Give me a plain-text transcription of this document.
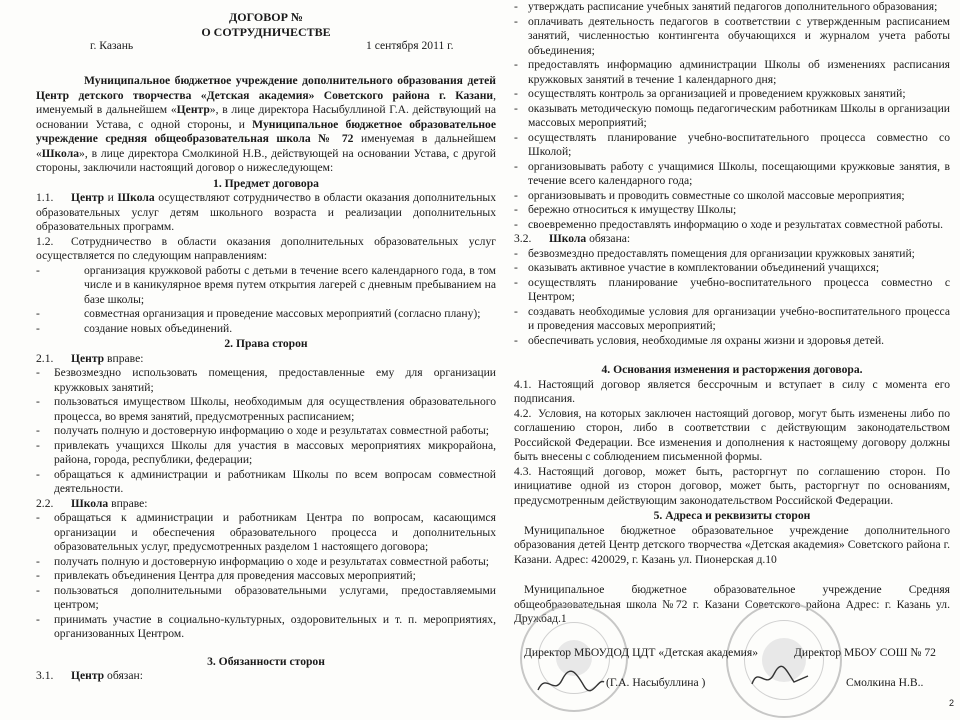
ДОГОВОР №
О СОТРУДНИЧЕСТВЕ
г. Казань	1 сентября 2011 г.
Муниципальное бюджетное учреждение дополнительного образования детей Центр детского творчества «Детская академия» Советского района г. Казани, именуемый в дальнейшем «Центр», в лице директора Насыбуллиной Г.А. действующий на основании Устава, с одной стороны, и Муниципальное бюджетное образовательное учреждение средняя общеобразовательная школа № 72 именуемая в дальнейшем «Школа», в лице директора Смолкиной Н.В., действующей на основании Устава, с другой стороны, заключили настоящий договор о нижеследующем:
1. Предмет договора
1.1. Центр и Школа осуществляют сотрудничество в области оказания дополнительных образовательных услуг детям школьного возраста и реализации дополнительных образовательных программ.
1.2. Сотрудничество в области оказания дополнительных образовательных услуг осуществляется по следующим направлениям:
-	организация кружковой работы с детьми в течение всего календарного года, в том числе и в каникулярное время путем открытия лагерей с дневным пребыванием на базе школы;
-	совместная организация и проведение массовых мероприятий (согласно плану);
-	создание новых объединений.
2. Права сторон
2.1. Центр вправе:
- Безвозмездно использовать помещения, предоставленные ему для организации кружковых занятий;
- пользоваться имуществом Школы, необходимым для осуществления образовательного процесса, во время занятий, предусмотренных расписанием;
- получать полную и достоверную информацию о ходе и результатах совместной работы;
- привлекать учащихся Школы для участия в массовых мероприятиях микрорайона, района, города, республики, федерации;
- обращаться к администрации и работникам Школы по всем вопросам совместной деятельности.
2.2. Школа вправе:
- обращаться к администрации и работникам Центра по вопросам, касающимся организации и обеспечения образовательного процесса и дополнительных образовательных услуг, предусмотренных разделом 1 настоящего договора;
- получать полную и достоверную информацию о ходе и результатах совместной работы;
- привлекать объединения Центра для проведения массовых мероприятий;
- пользоваться дополнительными образовательными услугами, предоставляемыми центром;
- принимать участие в социально-культурных, оздоровительных и т. п. мероприятиях, организованных Центром.
3. Обязанности сторон
3.1. Центр обязан:
- утверждать расписание учебных занятий педагогов дополнительного образования;
- оплачивать деятельность педагогов в соответствии с утвержденным расписанием занятий, численностью контингента обучающихся и журналом учета работы объединения;
- предоставлять информацию администрации Школы об изменениях расписания кружковых занятий в течение 1 календарного дня;
- осуществлять контроль за организацией и проведением кружковых занятий;
- оказывать методическую помощь педагогическим работникам Школы в организации массовых мероприятий;
- осуществлять планирование учебно-воспитательного процесса совместно со Школой;
- организовывать работу с учащимися Школы, посещающими кружковые занятия, в течение всего календарного года;
- организовывать и проводить совместные со школой массовые мероприятия;
- бережно относиться к имуществу Школы;
- своевременно предоставлять информацию о ходе и результатах совместной работы.
3.2. Школа обязана:
- безвозмездно предоставлять помещения для организации кружковых занятий;
- оказывать активное участие в комплектовании объединений учащихся;
- осуществлять планирование учебно-воспитательного процесса совместно с Центром;
- создавать необходимые условия для организации учебно-воспитательного процесса и проведения массовых мероприятий;
- обеспечивать условия, необходимые ля охраны жизни и здоровья детей.
4. Основания изменения и расторжения договора.
4.1. Настоящий договор является бессрочным и вступает в силу с момента его подписания.
4.2. Условия, на которых заключен настоящий договор, могут быть изменены либо по соглашению сторон, либо в соответствии с действующим законодательством Российской Федерации. Все изменения и дополнения к настоящему договору должны быть внесены с соблюдением письменной формы.
4.3. Настоящий договор, может быть, расторгнут по соглашению сторон. По инициативе одной из сторон договор, может быть, расторгнут по основаниям, предусмотренным действующим законодательством Российской Федерации.
5. Адреса и реквизиты сторон
Муниципальное бюджетное образовательное учреждение дополнительного образования детей Центр детского творчества «Детская академия» Советского района г. Казани. Адрес: 420029, г. Казань ул. Пионерская д.10
Муниципальное бюджетное образовательное учреждение Средняя общеобразовательная школа №72 г. Казани Советского района Адрес: г. Казань ул. Дружбад.1
Директор МБОУДОД ЦДТ «Детская академия»	Директор МБОУ СОШ № 72
(Г.А. Насыбуллина )	Смолкина Н.В..
2
